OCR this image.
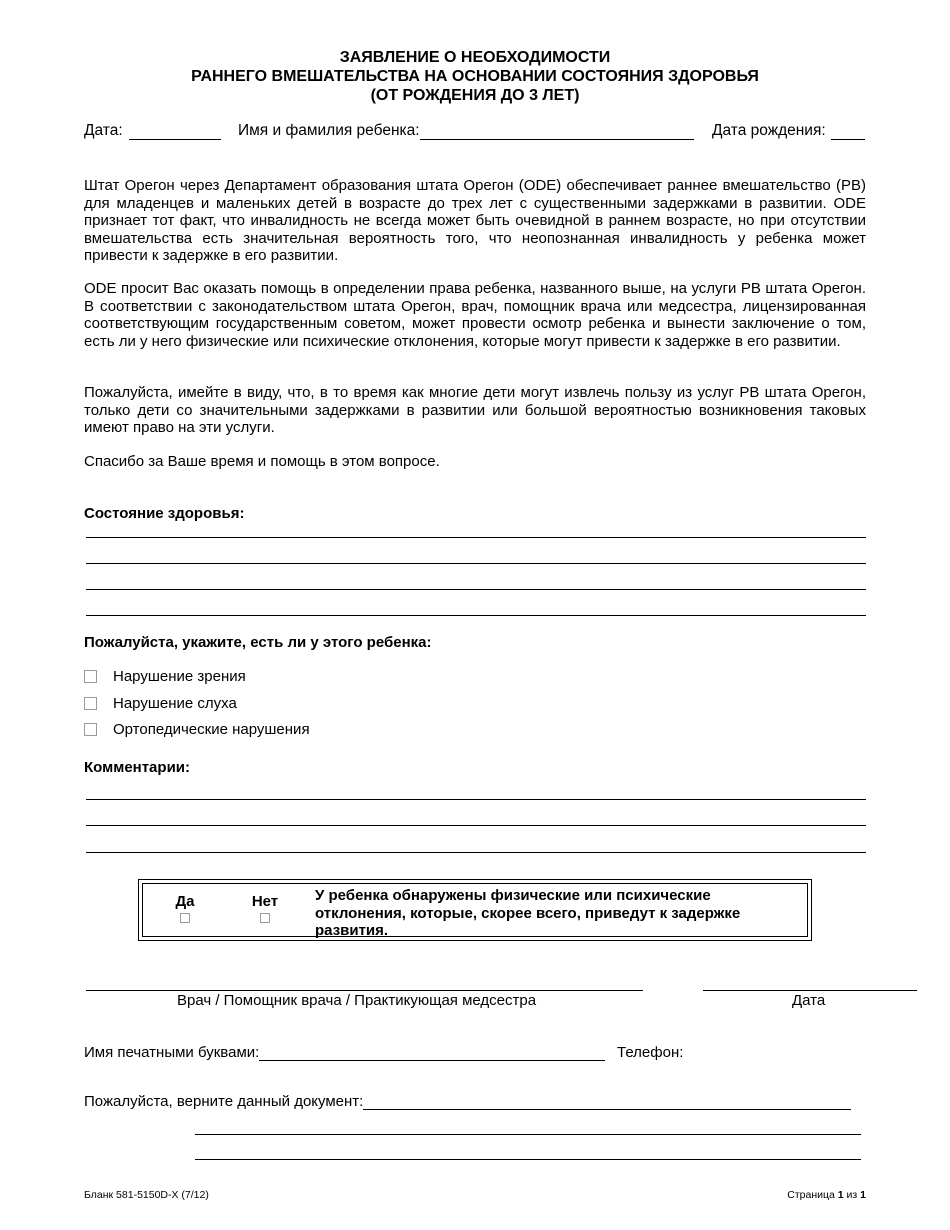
ЗАЯВЛЕНИЕ О НЕОБХОДИМОСТИ
РАННЕГО ВМЕШАТЕЛЬСТВА НА ОСНОВАНИИ СОСТОЯНИЯ ЗДОРОВЬЯ
(ОТ РОЖДЕНИЯ ДО 3 ЛЕТ)
Дата:	Имя и фамилия ребенка:	Дата рождения:

Штат Орегон через Департамент образования штата Орегон (ODE) обеспечивает раннее вмешательство (РВ) для младенцев и маленьких детей в возрасте до трех лет с существенными задержками в развитии. ODE признает тот факт, что инвалидность не всегда может быть очевидной в раннем возрасте, но при отсутствии вмешательства есть значительная вероятность того, что неопознанная инвалидность у ребенка может привести к задержке в его развитии.

ODE просит Вас оказать помощь в определении права ребенка, названного выше, на услуги РВ штата Орегон. В соответствии с законодательством штата Орегон, врач, помощник врача или медсестра, лицензированная соответствующим государственным советом, может провести осмотр ребенка и вынести заключение о том, есть ли у него физические или психические отклонения, которые могут привести к задержке в его развитии.

Пожалуйста, имейте в виду, что, в то время как многие дети могут извлечь пользу из услуг РВ штата Орегон, только дети со значительными задержками в развитии или большой вероятностью возникновения таковых имеют право на эти услуги.

Спасибо за Ваше время и помощь в этом вопросе.

Состояние здоровья:
Пожалуйста, укажите, есть ли у этого ребенка:
Нарушение зрения
Нарушение слуха
Ортопедические нарушения
Комментарии:
Да	Нет	У ребенка обнаружены физические или психические отклонения, которые, скорее всего, приведут к задержке развития.
Врач / Помощник врача / Практикующая медсестра	Дата
Имя печатными буквами:	Телефон:
Пожалуйста, верните данный документ:
Бланк 581-5150D-X (7/12)	Страница 1 из 1
